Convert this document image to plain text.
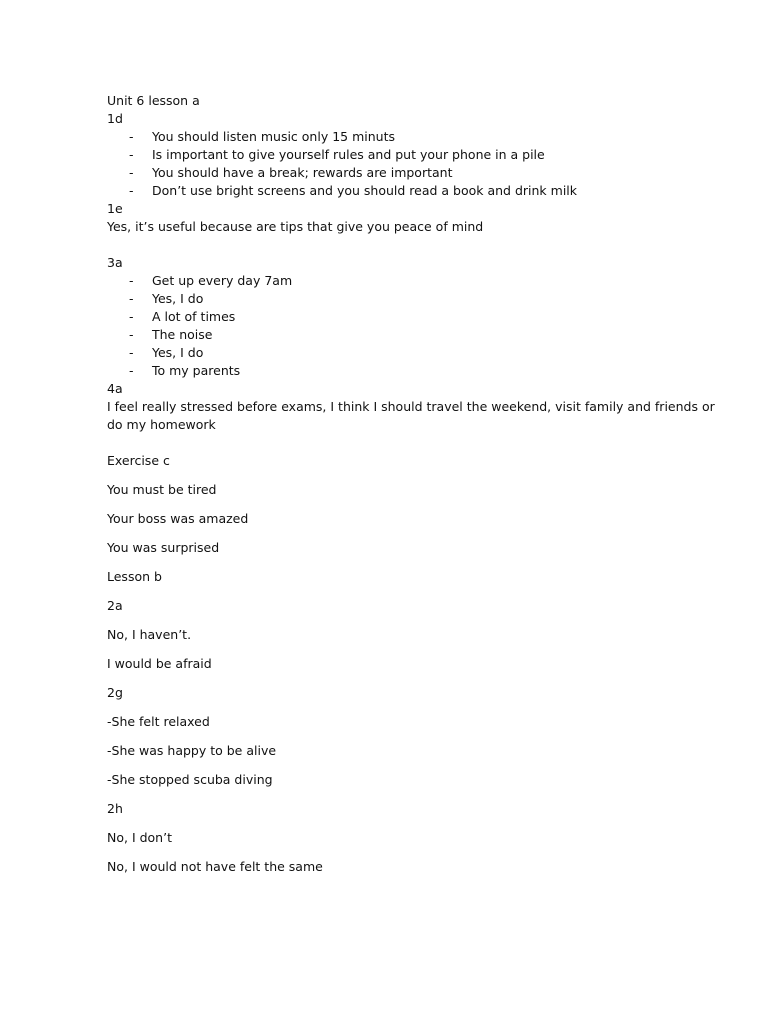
Unit 6 lesson a
1d
- You should listen music only 15 minuts
- Is important to give yourself rules and put your phone in a pile
- You should have a break; rewards are important
- Don’t use bright screens and you should read a book and drink milk
1e
Yes, it’s useful because are tips that give you peace of mind
3a
- Get up every day 7am
- Yes, I do
- A lot of times
- The noise
- Yes, I do
- To my parents
4a
I feel really stressed before exams, I think I should travel the weekend, visit family and friends or
do my homework
Exercise c
You must be tired
Your boss was amazed
You was surprised
Lesson b
2a
No, I haven’t.
I would be afraid
2g
-She felt relaxed
-She was happy to be alive
-She stopped scuba diving
2h
No, I don’t
No, I would not have felt the same
